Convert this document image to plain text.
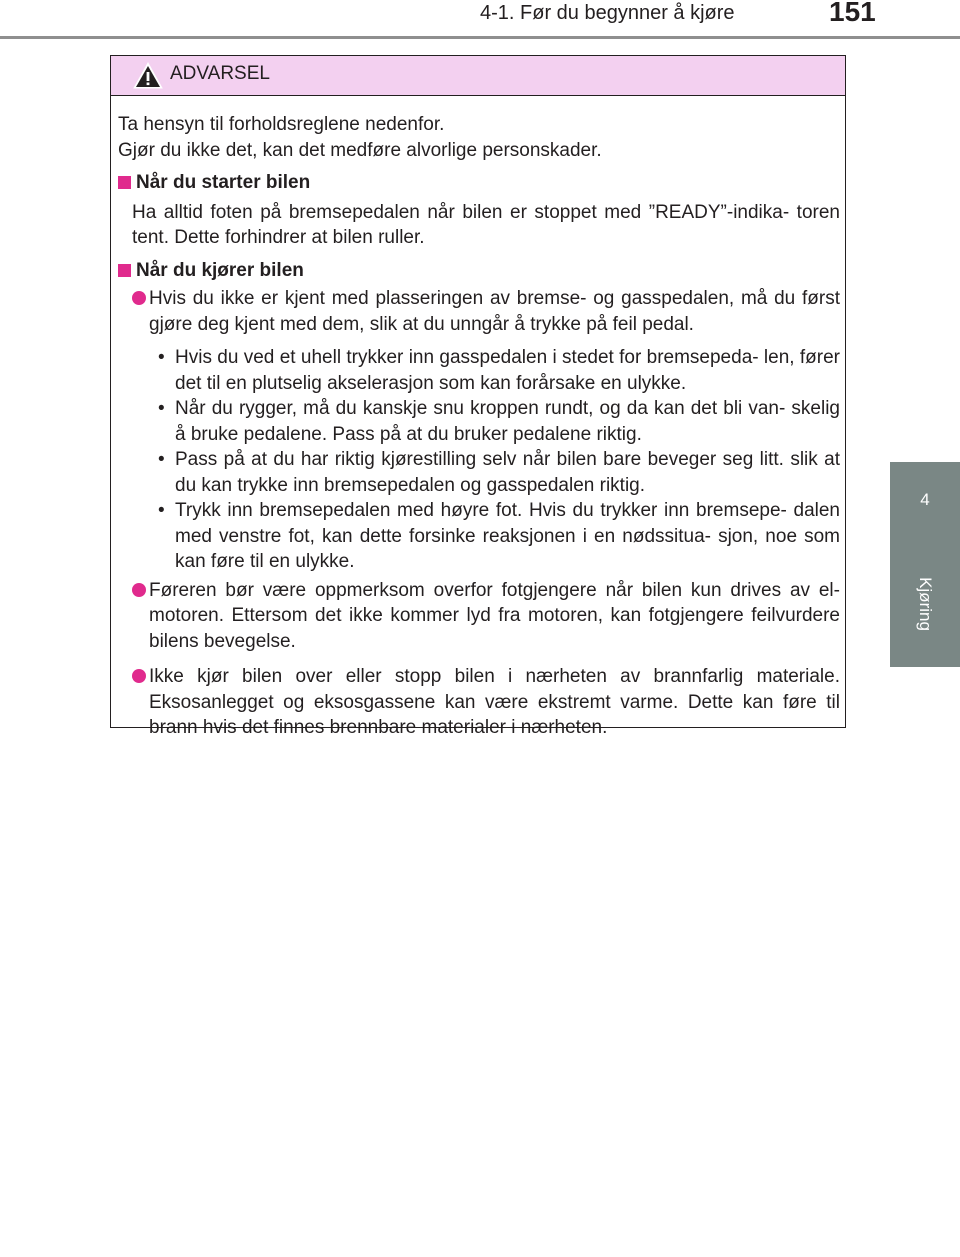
4-1. Før du begynner å kjøre	151
4
Kjøring
ADVARSEL
Ta hensyn til forholdsreglene nedenfor.
Gjør du ikke det, kan det medføre alvorlige personskader.
Når du starter bilen
Ha alltid foten på bremsepedalen når bilen er stoppet med ”READY”-indika- toren tent. Dette forhindrer at bilen ruller.
Når du kjører bilen
Hvis du ikke er kjent med plasseringen av bremse- og gasspedalen, må du først gjøre deg kjent med dem, slik at du unngår å trykke på feil pedal.
• Hvis du ved et uhell trykker inn gasspedalen i stedet for bremsepeda- len, fører det til en plutselig akselerasjon som kan forårsake en ulykke.
• Når du rygger, må du kanskje snu kroppen rundt, og da kan det bli van- skelig å bruke pedalene. Pass på at du bruker pedalene riktig.
• Pass på at du har riktig kjørestilling selv når bilen bare beveger seg litt. slik at du kan trykke inn bremsepedalen og gasspedalen riktig.
• Trykk inn bremsepedalen med høyre fot. Hvis du trykker inn bremsepe- dalen med venstre fot, kan dette forsinke reaksjonen i en nødssitua- sjon, noe som kan føre til en ulykke.
Føreren bør være oppmerksom overfor fotgjengere når bilen kun drives av el-motoren. Ettersom det ikke kommer lyd fra motoren, kan fotgjengere feilvurdere bilens bevegelse.
Ikke kjør bilen over eller stopp bilen i nærheten av brannfarlig materiale. Eksosanlegget og eksosgassene kan være ekstremt varme. Dette kan føre til brann hvis det finnes brennbare materialer i nærheten.
